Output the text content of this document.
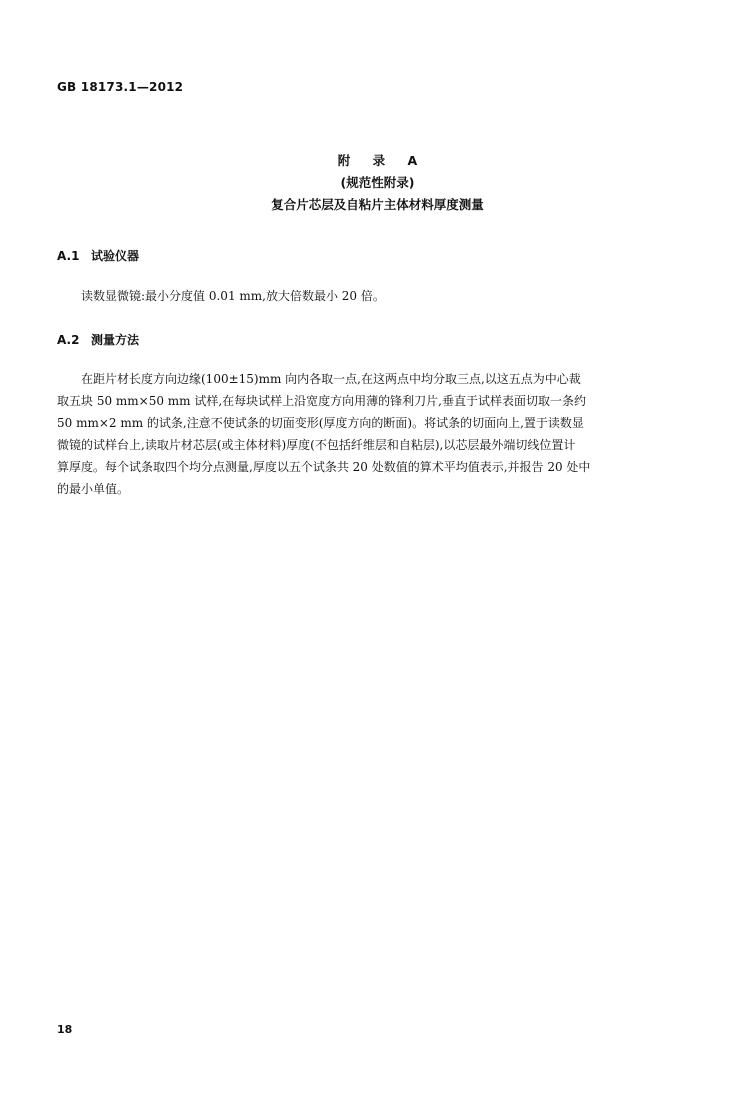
GB 18173.1—2012
附 录 A
(规范性附录)
复合片芯层及自粘片主体材料厚度测量
A.1 试验仪器
读数显微镜:最小分度值 0.01 mm,放大倍数最小 20 倍。
A.2 测量方法
在距片材长度方向边缘(100±15)mm 向内各取一点,在这两点中均分取三点,以这五点为中心裁
取五块 50 mm×50 mm 试样,在每块试样上沿宽度方向用薄的锋利刀片,垂直于试样表面切取一条约
50 mm×2 mm 的试条,注意不使试条的切面变形(厚度方向的断面)。将试条的切面向上,置于读数显
微镜的试样台上,读取片材芯层(或主体材料)厚度(不包括纤维层和自粘层),以芯层最外端切线位置计
算厚度。每个试条取四个均分点测量,厚度以五个试条共 20 处数值的算术平均值表示,并报告 20 处中
的最小单值。
18
